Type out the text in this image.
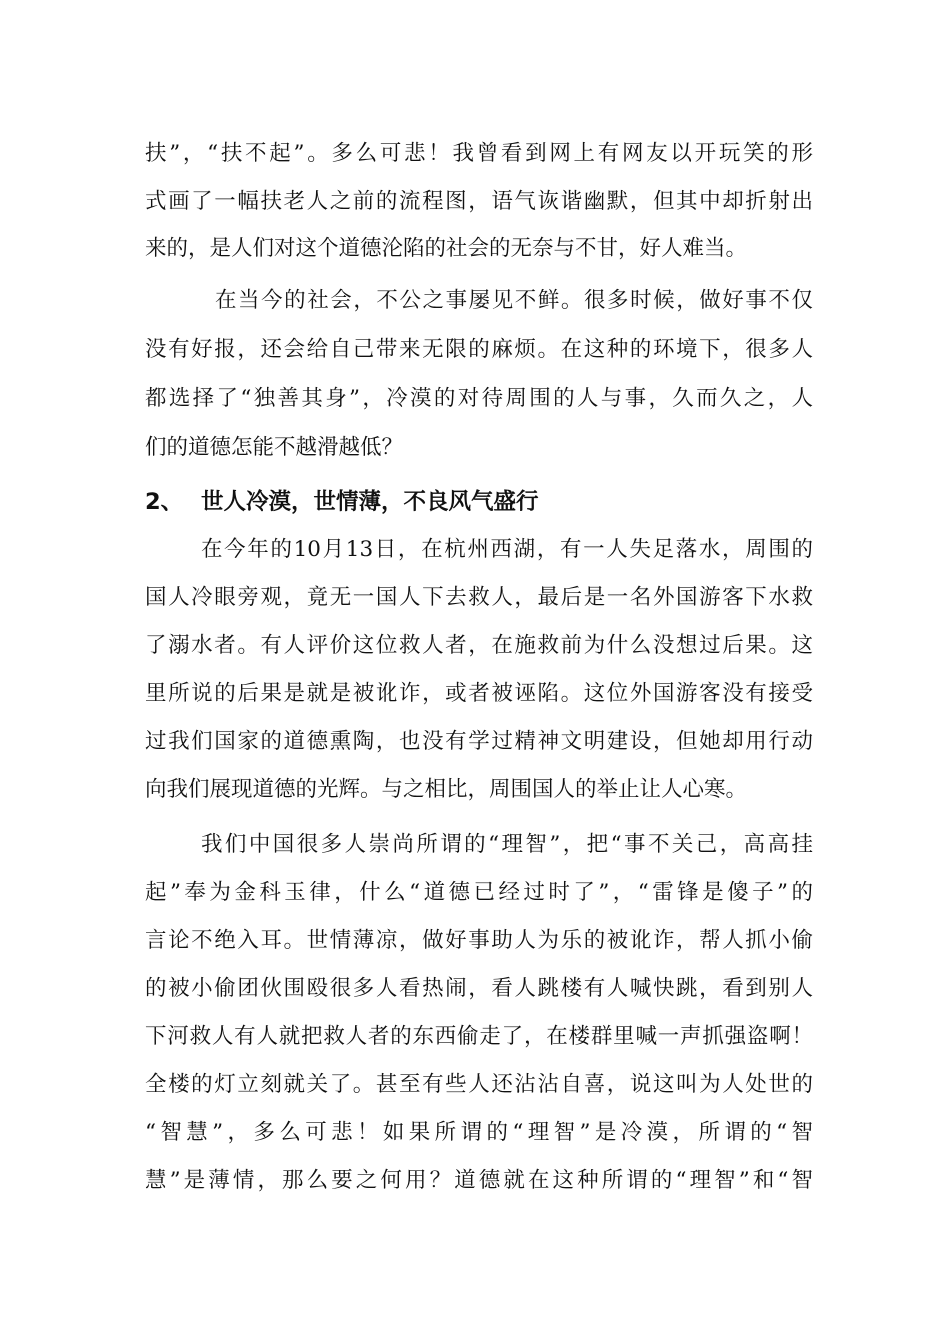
扶”，“扶不起”。多么可悲！我曾看到网上有网友以开玩笑的形
式画了一幅扶老人之前的流程图，语气诙谐幽默，但其中却折射出
来的，是人们对这个道德沦陷的社会的无奈与不甘，好人难当。
在当今的社会，不公之事屡见不鲜。很多时候，做好事不仅
没有好报，还会给自己带来无限的麻烦。在这种的环境下，很多人
都选择了“独善其身”，冷漠的对待周围的人与事，久而久之，人
们的道德怎能不越滑越低？
2、 世人冷漠，世情薄，不良风气盛行
在今年的10月13日，在杭州西湖，有一人失足落水，周围的
国人冷眼旁观，竟无一国人下去救人，最后是一名外国游客下水救
了溺水者。有人评价这位救人者，在施救前为什么没想过后果。这
里所说的后果是就是被讹诈，或者被诬陷。这位外国游客没有接受
过我们国家的道德熏陶，也没有学过精神文明建设，但她却用行动
向我们展现道德的光辉。与之相比，周围国人的举止让人心寒。
我们中国很多人崇尚所谓的“理智”，把“事不关己，高高挂
起”奉为金科玉律，什么“道德已经过时了”，“雷锋是傻子”的
言论不绝入耳。世情薄凉，做好事助人为乐的被讹诈，帮人抓小偷
的被小偷团伙围殴很多人看热闹，看人跳楼有人喊快跳，看到别人
下河救人有人就把救人者的东西偷走了，在楼群里喊一声抓强盗啊！
全楼的灯立刻就关了。甚至有些人还沾沾自喜，说这叫为人处世的
“智慧”，多么可悲！如果所谓的“理智”是冷漠，所谓的“智
慧”是薄情，那么要之何用？道德就在这种所谓的“理智”和“智
